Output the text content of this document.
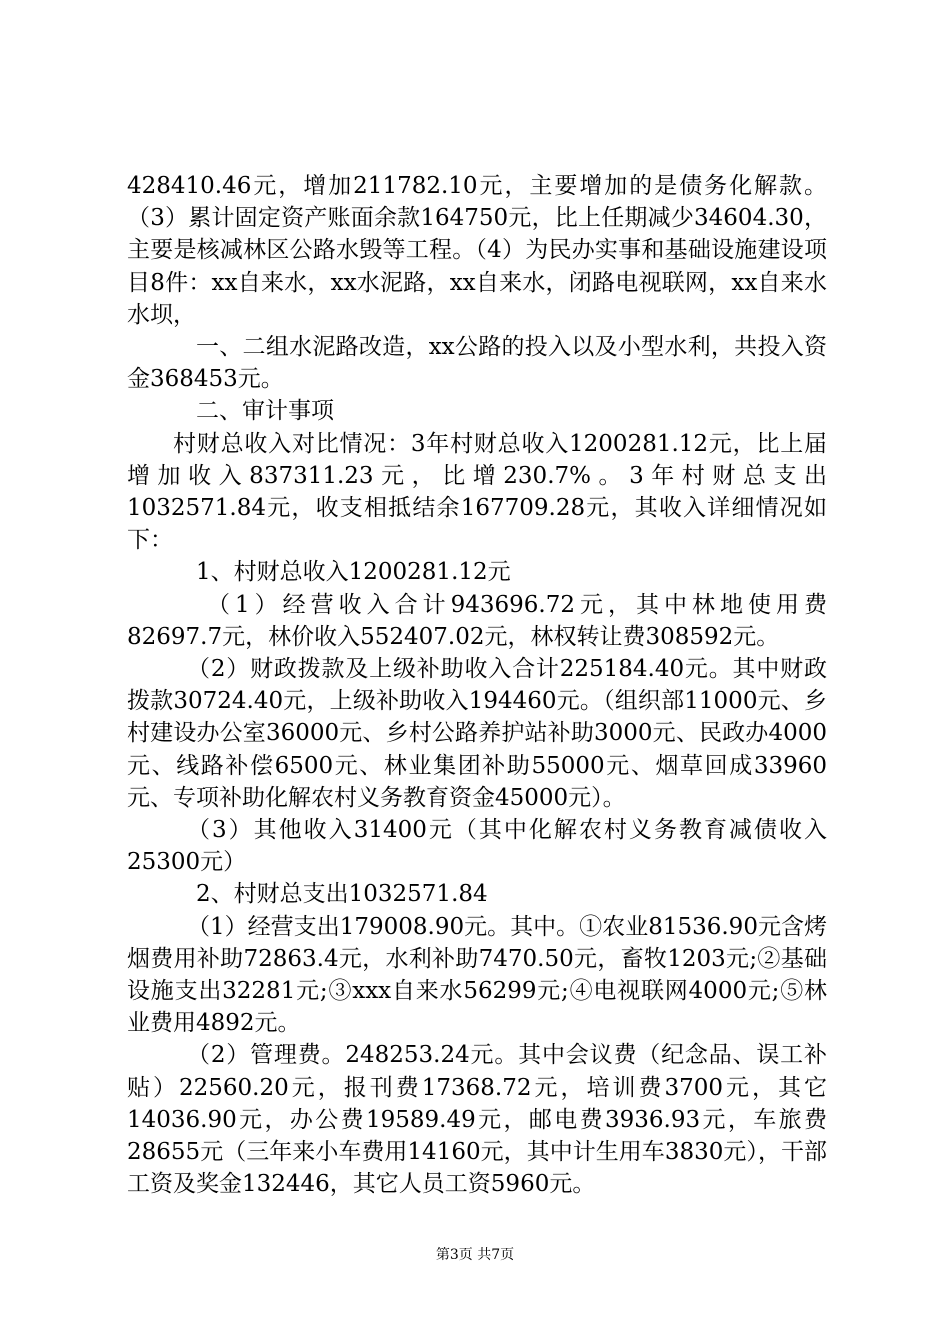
428410.46元，增加211782.10元，主要增加的是债务化解款。（3）累计固定资产账面余款164750元，比上任期减少34604.30，主要是核减林区公路水毁等工程。（4）为民办实事和基础设施建设项目8件：xx自来水，xx水泥路，xx自来水，闭路电视联网，xx自来水水坝，

一、二组水泥路改造，xx公路的投入以及小型水利，共投入资金368453元。

二、审计事项

村财总收入对比情况：3年村财总收入1200281.12元，比上届增加收入837311.23元，比增230.7%。3年村财总支出1032571.84元，收支相抵结余167709.28元，其收入详细情况如下：

1、村财总收入1200281.12元

（1）经营收入合计943696.72元，其中林地使用费82697.7元，林价收入552407.02元，林权转让费308592元。

（2）财政拨款及上级补助收入合计225184.40元。其中财政拨款30724.40元，上级补助收入194460元。（组织部11000元、乡村建设办公室36000元、乡村公路养护站补助3000元、民政办4000元、线路补偿6500元、林业集团补助55000元、烟草回成33960元、专项补助化解农村义务教育资金45000元）。

（3）其他收入31400元（其中化解农村义务教育减债收入25300元）

2、村财总支出1032571.84

（1）经营支出179008.90元。其中。①农业81536.90元含烤烟费用补助72863.4元，水利补助7470.50元，畜牧1203元;②基础设施支出32281元;③xxx自来水56299元;④电视联网4000元;⑤林业费用4892元。

（2）管理费。248253.24元。其中会议费（纪念品、误工补贴）22560.20元，报刊费17368.72元，培训费3700元，其它14036.90元，办公费19589.49元，邮电费3936.93元，车旅费28655元（三年来小车费用14160元，其中计生用车3830元），干部工资及奖金132446，其它人员工资5960元。

第3页 共7页
